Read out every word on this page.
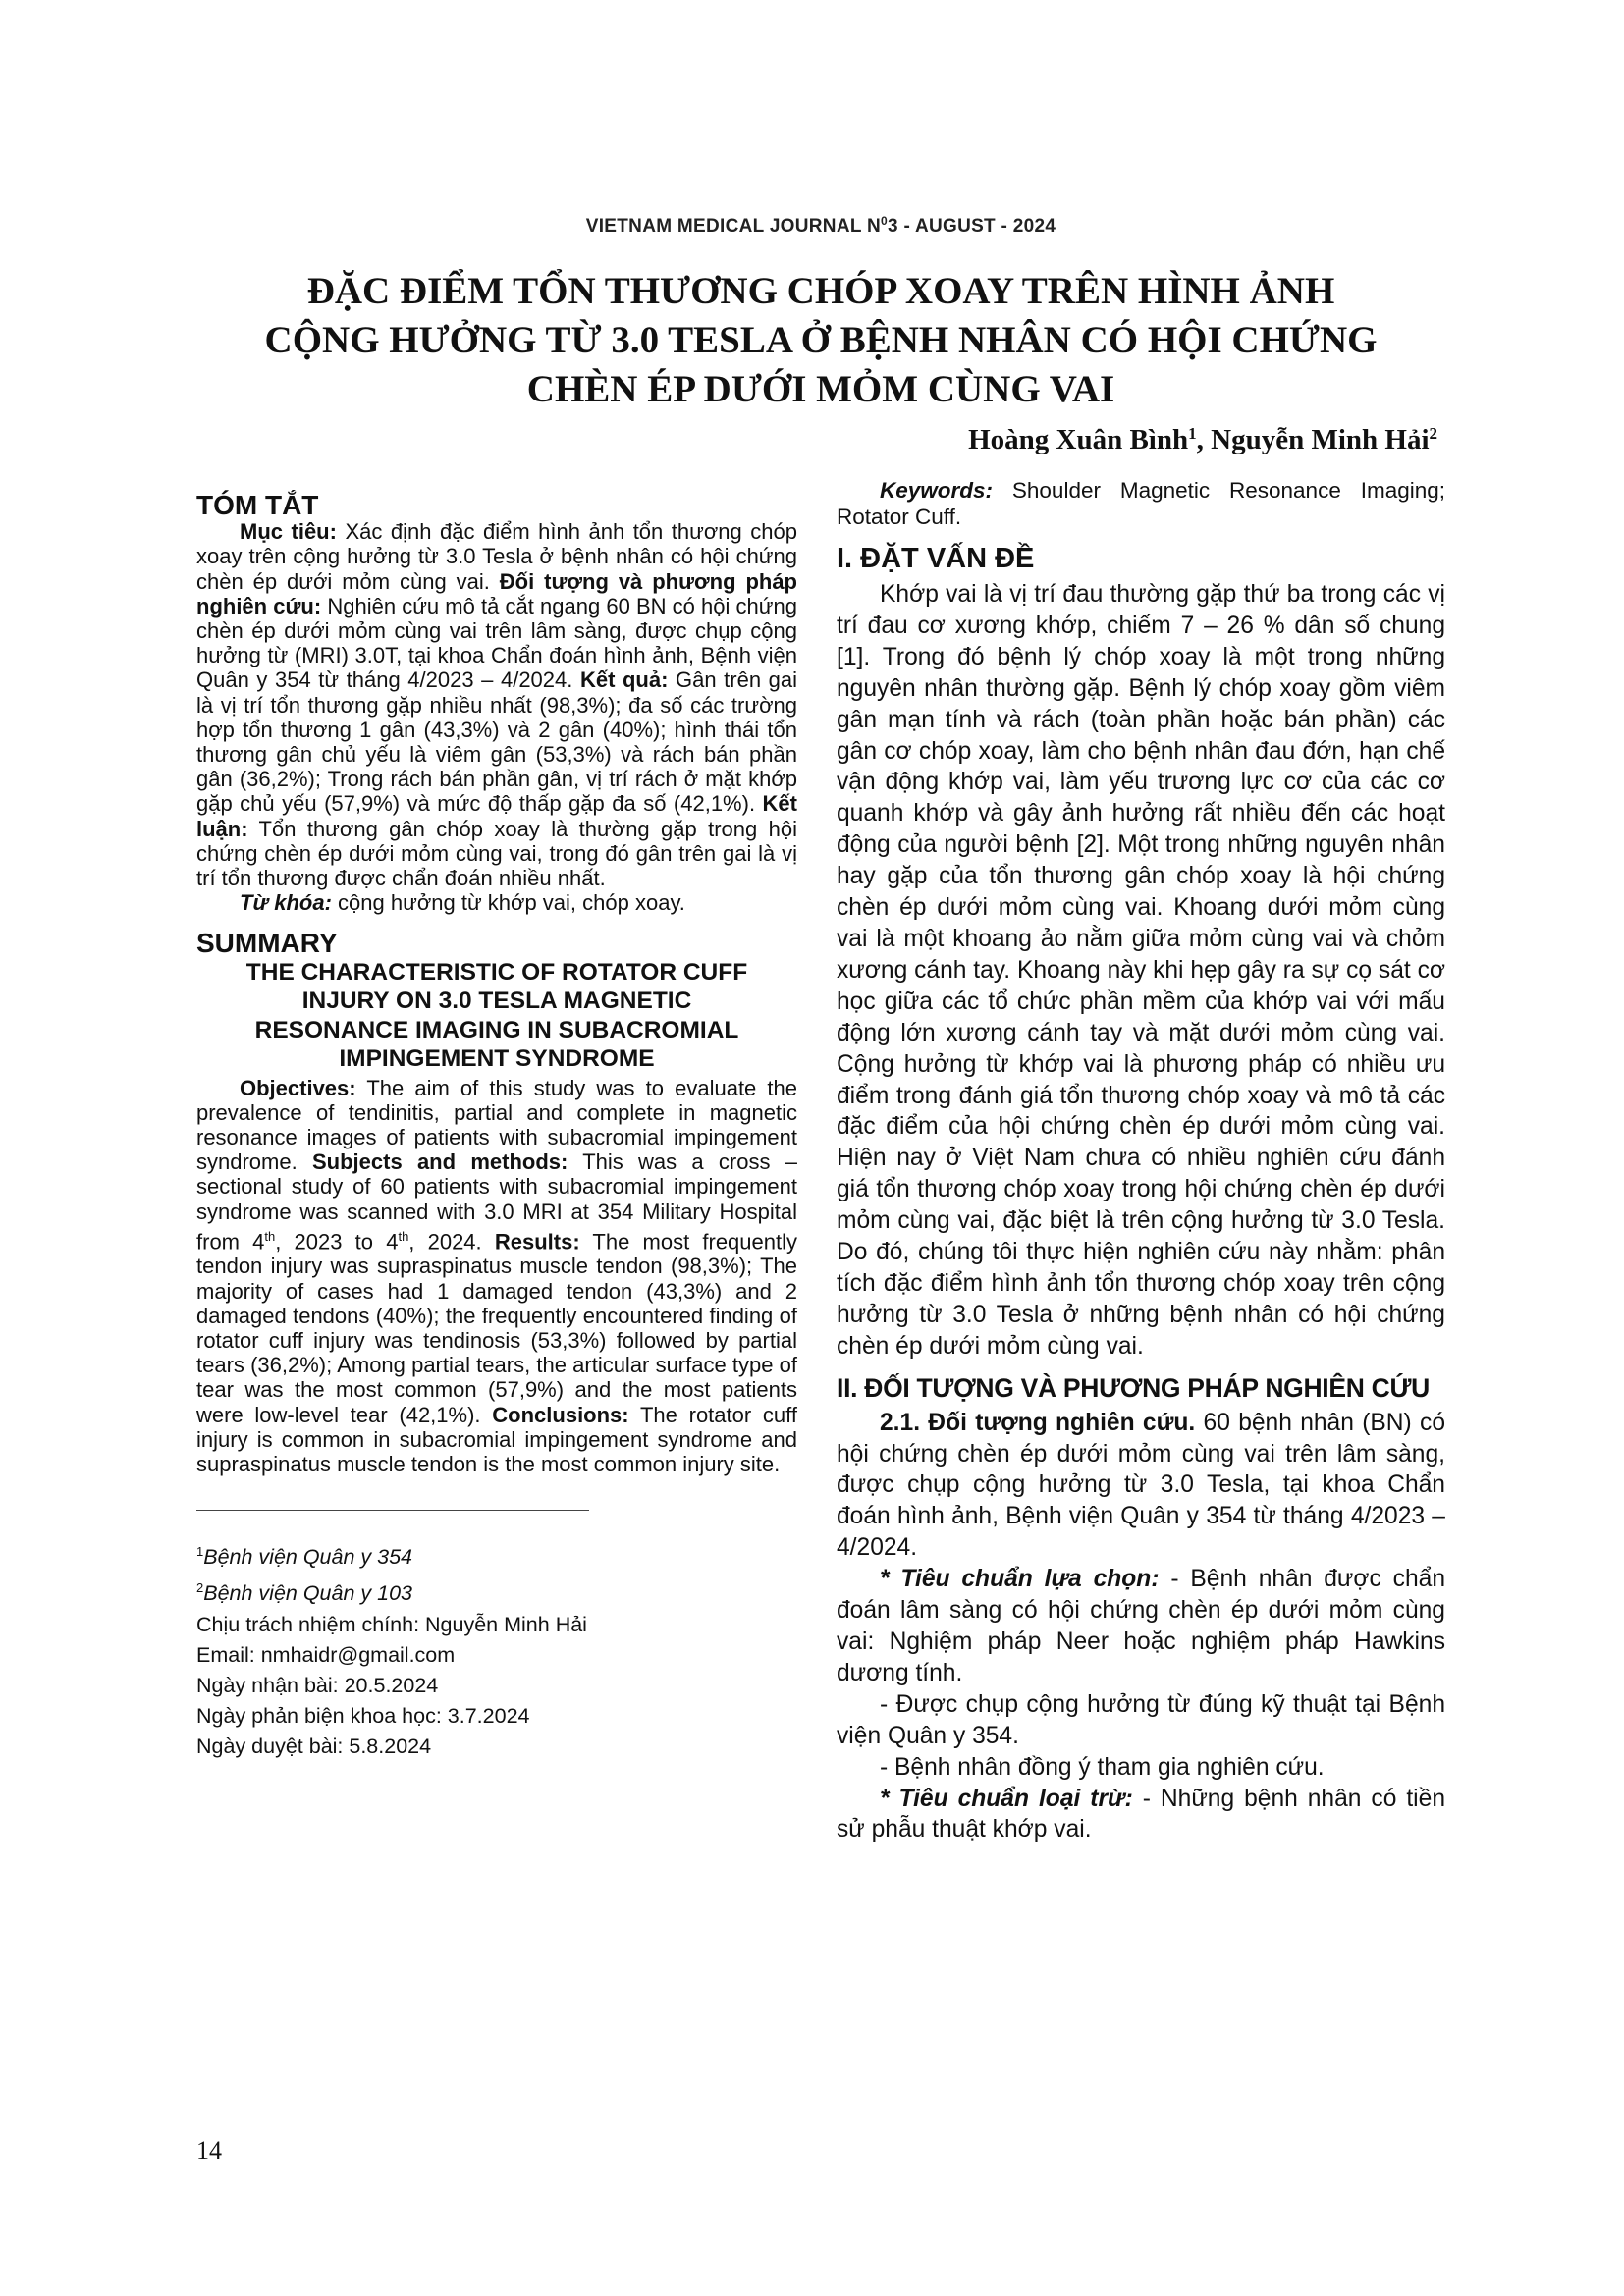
VIETNAM MEDICAL JOURNAL $N^03$ - AUGUST - 2024
ĐẶC ĐIỂM TỔN THƯƠNG CHÓP XOAY TRÊN HÌNH ẢNH
CỘNG HƯỞNG TỪ 3.0 TESLA Ở BỆNH NHÂN CÓ HỘI CHỨNG
CHÈN ÉP DƯỚI MỎM CÙNG VAI
Hoàng Xuân Bình$^1$, Nguyễn Minh Hải$^2$
TÓM TẮT

Mục tiêu: Xác định đặc điểm hình ảnh tổn thương chóp xoay trên cộng hưởng từ 3.0 Tesla ở bệnh nhân có hội chứng chèn ép dưới mỏm cùng vai. Đối tượng và phương pháp nghiên cứu: Nghiên cứu mô tả cắt ngang 60 BN có hội chứng chèn ép dưới mỏm cùng vai trên lâm sàng, được chụp cộng hưởng từ (MRI) 3.0T, tại khoa Chẩn đoán hình ảnh, Bệnh viện Quân y 354 từ tháng 4/2023 – 4/2024. Kết quả: Gân trên gai là vị trí tổn thương gặp nhiều nhất (98,3%); đa số các trường hợp tổn thương 1 gân (43,3%) và 2 gân (40%); hình thái tổn thương gân chủ yếu là viêm gân (53,3%) và rách bán phần gân (36,2%); Trong rách bán phần gân, vị trí rách ở mặt khớp gặp chủ yếu (57,9%) và mức độ thấp gặp đa số (42,1%). Kết luận: Tổn thương gân chóp xoay là thường gặp trong hội chứng chèn ép dưới mỏm cùng vai, trong đó gân trên gai là vị trí tổn thương được chẩn đoán nhiều nhất.

Từ khóa: cộng hưởng từ khớp vai, chóp xoay.

SUMMARY
THE CHARACTERISTIC OF ROTATOR CUFF
INJURY ON 3.0 TESLA MAGNETIC
RESONANCE IMAGING IN SUBACROMIAL
IMPINGEMENT SYNDROME

Objectives: The aim of this study was to evaluate the prevalence of tendinitis, partial and complete in magnetic resonance images of patients with subacromial impingement syndrome. Subjects and methods: This was a cross – sectional study of 60 patients with subacromial impingement syndrome was scanned with 3.0 MRI at 354 Military Hospital from 4th, 2023 to 4th, 2024. Results: The most frequently tendon injury was supraspinatus muscle tendon (98,3%); The majority of cases had 1 damaged tendon (43,3%) and 2 damaged tendons (40%); the frequently encountered finding of rotator cuff injury was tendinosis (53,3%) followed by partial tears (36,2%); Among partial tears, the articular surface type of tear was the most common (57,9%) and the most patients were low-level tear (42,1%). Conclusions: The rotator cuff injury is common in subacromial impingement syndrome and supraspinatus muscle tendon is the most common injury site.

$^1$Bệnh viện Quân y 354

$^2$Bệnh viện Quân y 103

Chịu trách nhiệm chính: Nguyễn Minh Hải

Email: nmhaidr@gmail.com

Ngày nhận bài: 20.5.2024

Ngày phản biện khoa học: 3.7.2024

Ngày duyệt bài: 5.8.2024

Keywords: Shoulder Magnetic Resonance Imaging; Rotator Cuff.

I. ĐẶT VẤN ĐỀ

Khớp vai là vị trí đau thường gặp thứ ba trong các vị trí đau cơ xương khớp, chiếm 7 – 26 % dân số chung [1]. Trong đó bệnh lý chóp xoay là một trong những nguyên nhân thường gặp. Bệnh lý chóp xoay gồm viêm gân mạn tính và rách (toàn phần hoặc bán phần) các gân cơ chóp xoay, làm cho bệnh nhân đau đớn, hạn chế vận động khớp vai, làm yếu trương lực cơ của các cơ quanh khớp và gây ảnh hưởng rất nhiều đến các hoạt động của người bệnh [2]. Một trong những nguyên nhân hay gặp của tổn thương gân chóp xoay là hội chứng chèn ép dưới mỏm cùng vai. Khoang dưới mỏm cùng vai là một khoang ảo nằm giữa mỏm cùng vai và chỏm xương cánh tay. Khoang này khi hẹp gây ra sự cọ sát cơ học giữa các tổ chức phần mềm của khớp vai với mấu động lớn xương cánh tay và mặt dưới mỏm cùng vai. Cộng hưởng từ khớp vai là phương pháp có nhiều ưu điểm trong đánh giá tổn thương chóp xoay và mô tả các đặc điểm của hội chứng chèn ép dưới mỏm cùng vai. Hiện nay ở Việt Nam chưa có nhiều nghiên cứu đánh giá tổn thương chóp xoay trong hội chứng chèn ép dưới mỏm cùng vai, đặc biệt là trên cộng hưởng từ 3.0 Tesla. Do đó, chúng tôi thực hiện nghiên cứu này nhằm: phân tích đặc điểm hình ảnh tổn thương chóp xoay trên cộng hưởng từ 3.0 Tesla ở những bệnh nhân có hội chứng chèn ép dưới mỏm cùng vai.

II. ĐỐI TƯỢNG VÀ PHƯƠNG PHÁP NGHIÊN CỨU

2.1. Đối tượng nghiên cứu. 60 bệnh nhân (BN) có hội chứng chèn ép dưới mỏm cùng vai trên lâm sàng, được chụp cộng hưởng từ 3.0 Tesla, tại khoa Chẩn đoán hình ảnh, Bệnh viện Quân y 354 từ tháng 4/2023 – 4/2024.

* Tiêu chuẩn lựa chọn: - Bệnh nhân được chẩn đoán lâm sàng có hội chứng chèn ép dưới mỏm cùng vai: Nghiệm pháp Neer hoặc nghiệm pháp Hawkins dương tính.

- Được chụp cộng hưởng từ đúng kỹ thuật tại Bệnh viện Quân y 354.

- Bệnh nhân đồng ý tham gia nghiên cứu.

* Tiêu chuẩn loại trừ: - Những bệnh nhân có tiền sử phẫu thuật khớp vai.

14
